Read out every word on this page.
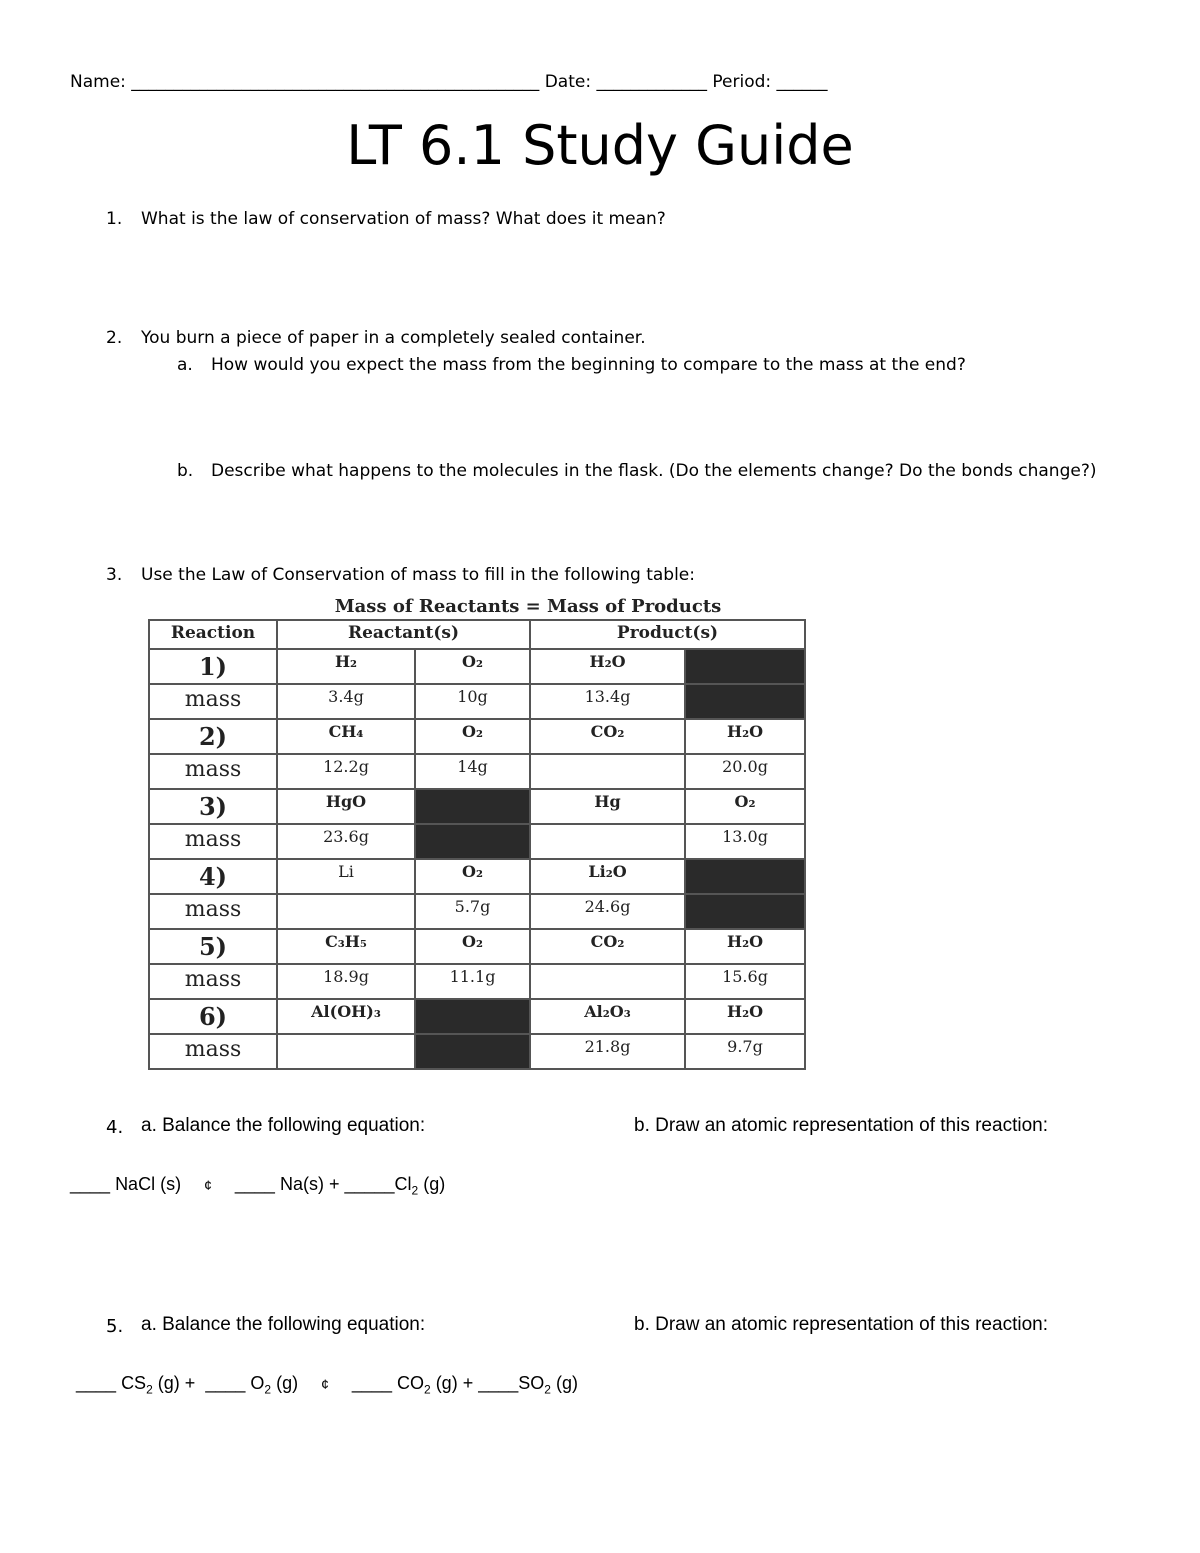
Name: ________________________________________________ Date: _____________ Period: ______
LT 6.1 Study Guide
1. What is the law of conservation of mass? What does it mean?
2. You burn a piece of paper in a completely sealed container.
a. How would you expect the mass from the beginning to compare to the mass at the end?
b. Describe what happens to the molecules in the flask. (Do the elements change? Do the bonds change?)
3. Use the Law of Conservation of mass to fill in the following table:
Mass of Reactants = Mass of Products
Reaction	Reactant(s)		Product(s)	
1)	H₂	O₂	H₂O	
mass	3.4g	10g	13.4g	
2)	CH₄	O₂	CO₂	H₂O
mass	12.2g	14g		20.0g
3)	HgO		Hg	O₂
mass	23.6g			13.0g
4)	Li	O₂	Li₂O	
mass		5.7g	24.6g	
5)	C₃H₅	O₂	CO₂	H₂O
mass	18.9g	11.1g		15.6g
6)	Al(OH)₃		Al₂O₃	H₂O
mass			21.8g	9.7g
4. a. Balance the following equation:	b. Draw an atomic representation of this reaction:
____ NaCl (s) ¢ ____ $Na(s) + \_\_\_\_\_Cl_2$ (g)
5. a. Balance the following equation:	b. Draw an atomic representation of this reaction:
____ $CS_2$ (g) + ____ $O_2$ (g) ¢ ____ $CO_2$ $(g) + \_\_\_\_SO_2$ (g)
